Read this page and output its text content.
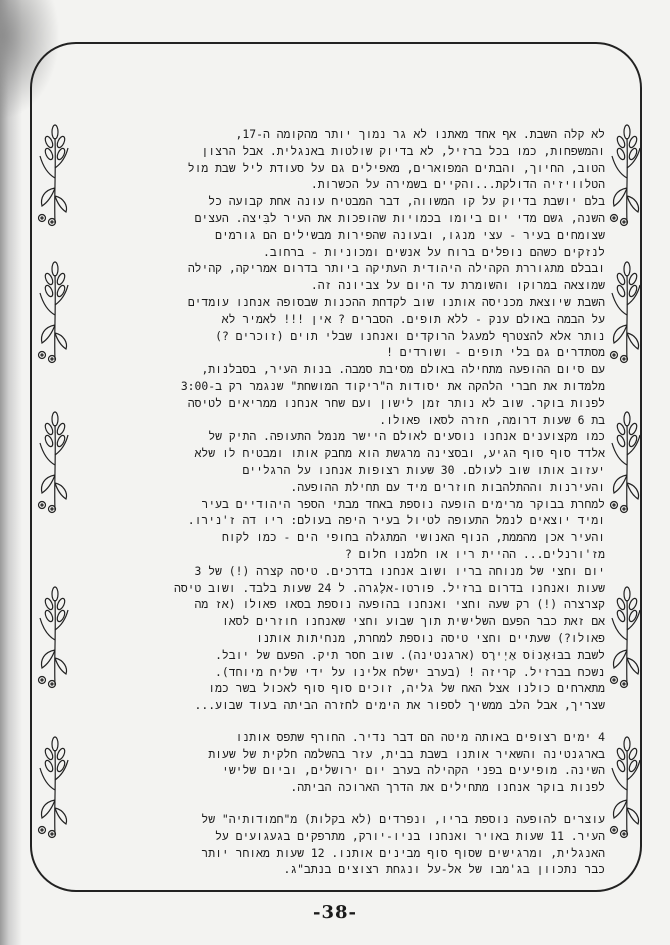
לא קלה השבת. אף אחד מאתנו לא גר נמוך יותר מהקומה ה-17,
והמשפחות, כמו בכל ברזיל, לא בדיוק שולטות באנגלית. אבל הרצון
הטוב, החיוך, והבתים המפוארים, מאפילים גם על סעודת ליל שבת מול
הטלוויזיה הדולקת...והקיים בשמירה על הכשרות.
בלם יושבת בדיוק על קו המשווה, דבר המבטיח עונה אחת קבועה כל
השנה, גשם מדי יום ביומו בכמויות שהופכות את העיר לבִּיצה. העצים
שצומחים בעיר - עצי מנגו, ובעונה שהפירות מבשילים הם גורמים
לנזקים כשהם נופלים ברוח על אנשים ומכוניות - ברחוב.
ובבלם מתגוררת הקהילה היהודית העתיקה ביותר בדרום אמריקה, קהילה
שמוצאה במרוקו והשומרת עד היום על צביונה זה.
השבת שיוצאת מכניסה אותנו שוב לקדחת ההכנות שבסופה אנחנו עומדים
על הבמה באולם ענק - ללא תופים. הסברים ? אין !!! לאמיר לא
נותר אלא להצטרף למעגל הרוקדים ואנחנו שבלי תוים (זוכרים ?)
מסתדרים גם בלי תופים - ושורדים !
עם סיום ההופעה מתחילה באולם מסיבת סמבה. בנות העיר, בסבלנות,
מלמדות את חברי הלהקה את יסודות ה"ריקוד המושחת" שנגמר רק ב-3:00
לפנות בוקר. שוב לא נותר זמן לישון ועם שחר אנחנו ממריאים לטיסה
בת 6 שעות דרומה, חזרה לסאו פאולו.
כמו מקצוענים אנחנו נוסעים לאולם היישר מנמל התעופה. התיק של
אלדד סוף סוף הגיע, ובסצינה מרגשת הוא מחבק אותו ומבטיח לו שלא
יעזוב אותו שוב לעולם. 30 שעות רצופות אנחנו על הרגליים
והעירנות וההתלהבות חוזרים מיד עם תחילת ההופעה.
למחרת בבוקר מרימים הופעה נוספת באחד מבתי הספר היהודיים בעיר
ומיד יוצאים לנמל התעופה לטיול בעיר היפה בעולם: ריו דה ז'נירו.
והעיר אכן מהממת, הנוף האנושי המתגלה בחופי הים - כמו לקוח
מז'ורנלים... ההיית ריו או חלמנו חלום ?
יום וחצי של מנוחה בריו ושוב אנחנו בדרכים. טיסה קצרה (!) של 3
שעות ואנחנו בדרום ברזיל. פורטו-אלֶגרה. ל 24 שעות בלבד. ושוב טיסה
קצרצרה (!) רק שעה וחצי ואנחנו בהופעה נוספת בסאו פאולו (אז מה
אם זאת כבר הפעם השלישית תוך שבוע וחצי שאנחנו חוזרים לסאו
פאולו?) שעתיים וחצי טיסה נוספת למחרת, מנחיתות אותנו
לשבת בבּוּאֶנוֹס אַיְירֶס (ארגנטינה). שוב חסר תיק. הפעם של יובל.
נשכח בברזיל. קריזה ! (בערב ישלח אלינו על ידי שליח מיוחד).
מתארחים כולנו אצל האח של גליה, זוכים סוף סוף לאכול בשר כמו
שצריך, אבל הלב ממשיך לספור את הימים לחזרה הביתה בעוד שבוע...
4 ימים רצופים באותה מיטה הם דבר נדיר. החורף שתפס אותנו
בארגנטינה והשאיר אותנו בשבת בבית, עזר בהשלמה חלקית של שעות
השינה. מופיעים בפני הקהילה בערב יום ירושלים, וביום שלישי
לפנות בוקר אנחנו מתחילים את הדרך הארוכה הביתה.
עוצרים להופעה נוספת בריו, ונפרדים (לא בקלות) מ"חמודותיה" של
העיר. 11 שעות באויר ואנחנו בניו-יורק, מתרפקים בגעגועים על
האנגלית, ומרגישים שסוף סוף מבינים אותנו. 12 שעות מאוחר יותר
כבר נתכוון בג'מבו של אל-על ונגחת רצוצים בנתב"ג.
-38-
